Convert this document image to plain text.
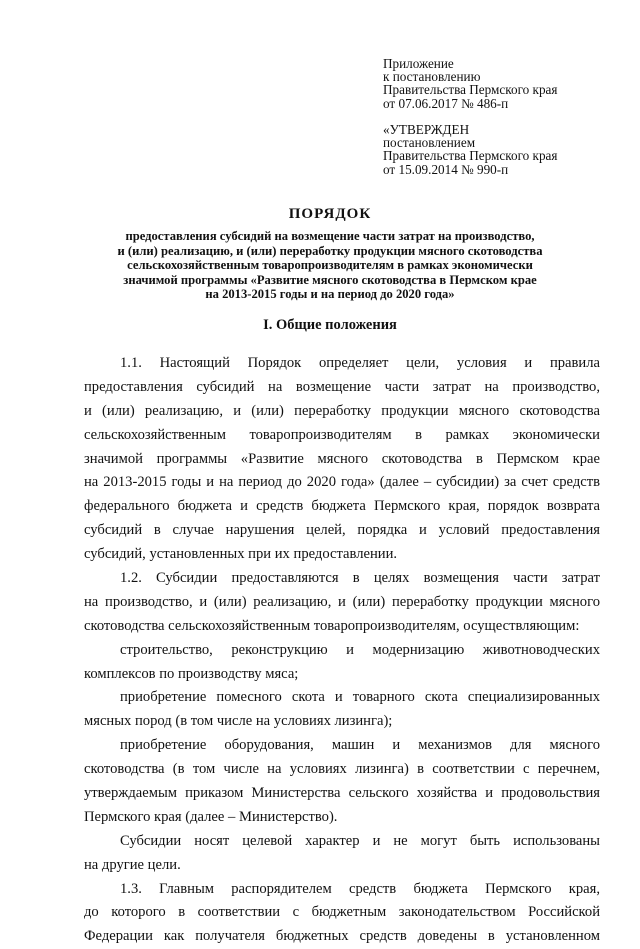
Приложение
к постановлению
Правительства Пермского края
от 07.06.2017 № 486-п
«УТВЕРЖДЕН
постановлением
Правительства Пермского края
от 15.09.2014 № 990-п
ПОРЯДОК
предоставления субсидий на возмещение части затрат на производство,
и (или) реализацию, и (или) переработку продукции мясного скотоводства
сельскохозяйственным товаропроизводителям в рамках экономически
значимой программы «Развитие мясного скотоводства в Пермском крае
на 2013-2015 годы и на период до 2020 года»
I. Общие положения
1.1. Настоящий Порядок определяет цели, условия и правила
предоставления субсидий на возмещение части затрат на производство,
и (или) реализацию, и (или) переработку продукции мясного скотоводства
сельскохозяйственным товаропроизводителям в рамках экономически
значимой программы «Развитие мясного скотоводства в Пермском крае
на 2013-2015 годы и на период до 2020 года» (далее – субсидии) за счет средств
федерального бюджета и средств бюджета Пермского края, порядок возврата
субсидий в случае нарушения целей, порядка и условий предоставления
субсидий, установленных при их предоставлении.
1.2. Субсидии предоставляются в целях возмещения части затрат
на производство, и (или) реализацию, и (или) переработку продукции мясного
скотоводства сельскохозяйственным товаропроизводителям, осуществляющим:
строительство, реконструкцию и модернизацию животноводческих
комплексов по производству мяса;
приобретение помесного скота и товарного скота специализированных
мясных пород (в том числе на условиях лизинга);
приобретение оборудования, машин и механизмов для мясного
скотоводства (в том числе на условиях лизинга) в соответствии с перечнем,
утверждаемым приказом Министерства сельского хозяйства и продовольствия
Пермского края (далее – Министерство).
Субсидии носят целевой характер и не могут быть использованы
на другие цели.
1.3. Главным распорядителем средств бюджета Пермского края,
до которого в соответствии с бюджетным законодательством Российской
Федерации как получателя бюджетных средств доведены в установленном
